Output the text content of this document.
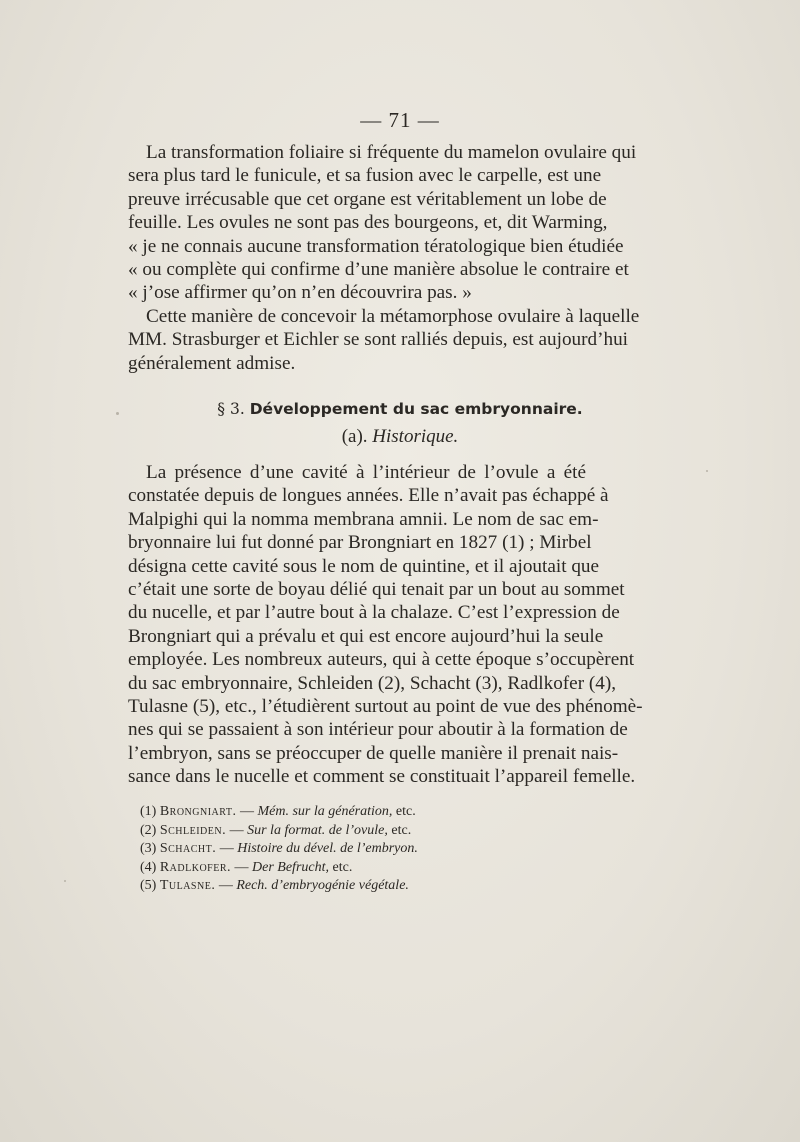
— 71 —

La transformation foliaire si fréquente du mamelon ovulaire qui
sera plus tard le funicule, et sa fusion avec le carpelle, est une
preuve irrécusable que cet organe est véritablement un lobe de
feuille. Les ovules ne sont pas des bourgeons, et, dit Warming,
« je ne connais aucune transformation tératologique bien étudiée
« ou complète qui confirme d’une manière absolue le contraire et
« j’ose affirmer qu’on n’en découvrira pas. »

Cette manière de concevoir la métamorphose ovulaire à laquelle
MM. Strasburger et Eichler se sont ralliés depuis, est aujourd’hui
généralement admise.

§ 3. Développement du sac embryonnaire.
(a). Historique.

La présence d’une cavité à l’intérieur de l’ovule a été
constatée depuis de longues années. Elle n’avait pas échappé à
Malpighi qui la nomma membrana amnii. Le nom de sac em-
bryonnaire lui fut donné par Brongniart en 1827 (1) ; Mirbel
désigna cette cavité sous le nom de quintine, et il ajoutait que
c’était une sorte de boyau délié qui tenait par un bout au sommet
du nucelle, et par l’autre bout à la chalaze. C’est l’expression de
Brongniart qui a prévalu et qui est encore aujourd’hui la seule
employée. Les nombreux auteurs, qui à cette époque s’occupèrent
du sac embryonnaire, Schleiden (2), Schacht (3), Radlkofer (4),
Tulasne (5), etc., l’étudièrent surtout au point de vue des phénomè-
nes qui se passaient à son intérieur pour aboutir à la formation de
l’embryon, sans se préoccuper de quelle manière il prenait nais-
sance dans le nucelle et comment se constituait l’appareil femelle.

(1) Brongniart. — Mém. sur la génération, etc.
(2) Schleiden. — Sur la format. de l’ovule, etc.
(3) Schacht. — Histoire du dével. de l’embryon.
(4) Radlkofer. — Der Befrucht, etc.
(5) Tulasne. — Rech. d’embryogénie végétale.
